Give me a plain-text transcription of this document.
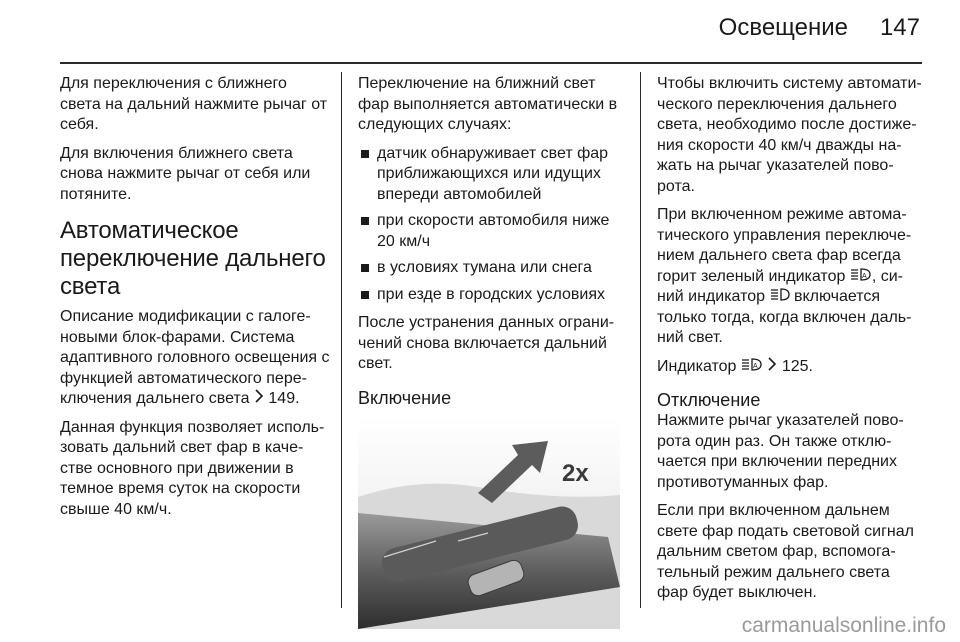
Освещение 147

Для переключения с ближнего света на дальний нажмите рычаг от себя.

Для включения ближнего света снова нажмите рычаг от себя или потяните.

Автоматическое
переключение дальнего
света

Описание модификации с галогеновыми блок-фарами. Система адаптивного головного освещения с функцией автоматического переключения дальнего света 149.

Данная функция позволяет использовать дальний свет фар в качестве основного при движении в темное время суток на скорости свыше 40 км/ч.

Переключение на ближний свет фар выполняется автоматически в следующих случаях:

датчик обнаруживает свет фар приближающихся или идущих впереди автомобилей
при скорости автомобиля ниже 20 км/ч
в условиях тумана или снега
при езде в городских условиях

После устранения данных ограничений снова включается дальний свет.

Включение
2x

Чтобы включить систему автоматического переключения дальнего света, необходимо после достижения скорости 40 км/ч дважды нажать на рычаг указателей поворота.

При включенном режиме автоматического управления переключением дальнего света фар всегда горит зеленый индикатор A , синий индикатор включается только тогда, когда включен дальний свет.

Индикатор A 125.

Отключение

Нажмите рычаг указателей поворота один раз. Он также отключается при включении передних противотуманных фар.

Если при включенном дальнем свете фар подать световой сигнал дальним светом фар, вспомогательный режим дальнего света фар будет выключен.

carmanualsonline.info
